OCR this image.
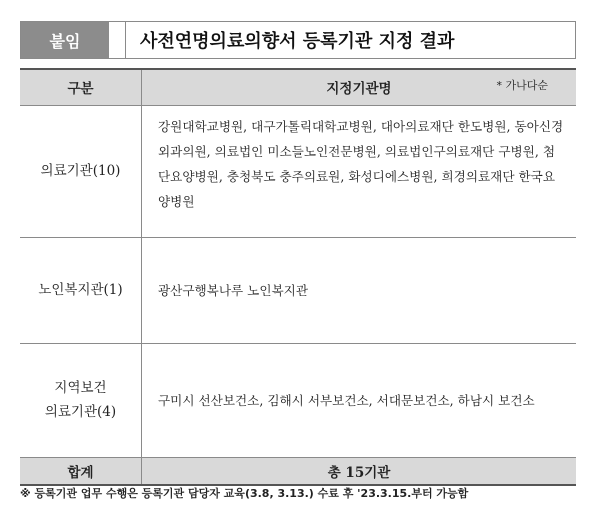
붙임	사전연명의료의향서 등록기관 지정 결과
구분	지정기관명 * 가나다순

의료기관(10)	강원대학교병원, 대구가톨릭대학교병원, 대아의료재단 한도병원, 동아신경외과의원, 의료법인 미소들노인전문병원, 의료법인구의료재단 구병원, 첨단요양병원, 충청북도 충주의료원, 화성디에스병원, 희경의료재단 한국요양병원
노인복지관(1)	광산구행복나루 노인복지관

지역보건
의료기관(4)	구미시 선산보건소, 김해시 서부보건소, 서대문보건소, 하남시 보건소
합계	총 15기관
※ 등록기관 업무 수행은 등록기관 담당자 교육(3.8, 3.13.) 수료 후 '23.3.15.부터 가능함
